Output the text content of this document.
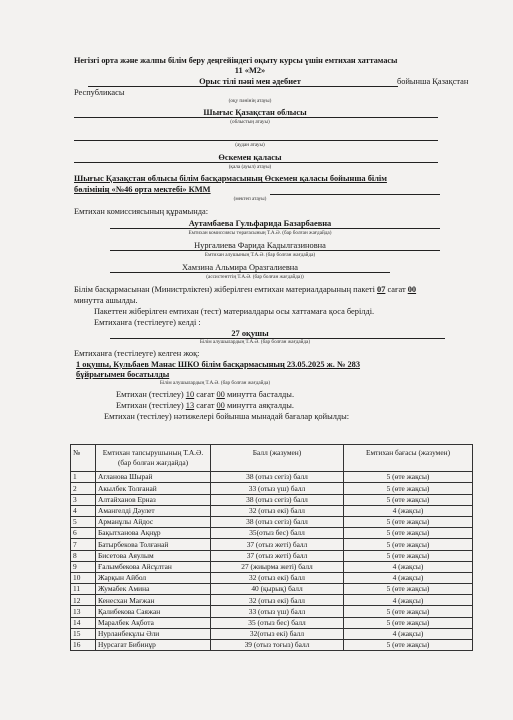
Негізгі орта және жалпы білім беру деңгейіндегі оқыту курсы үшін емтихан хаттамасы
11 «М2»
Орыс тілі пәні мен әдебиет	бойынша Қазақстан
Республикасы
(оқу пәнінің атауы)
Шығыс Қазақстан облысы
(облыстың атауы)
(аудан атауы)
Өскемен қаласы
(қала (ауыл) атауы)
Шығыс Қазақстан облысы білім басқармасының Өскемен қаласы бойынша білім
бөлімінің «№46 орта мектебі» КММ
(мектеп атауы)
Емтихан комиссиясының құрамында:
Аутамбаева Гульфарида Базарбаевна
Емтихан комиссиясы төрағасының Т.А.Ә. (бар болған жағдайда)
Нургалиева Фарида Кадылгазиновна
Емтихан алушының Т.А.Ә. (бар болған жағдайда)
Хамзина Альмира Оразгалиевна
(ассистенттің Т.А.Ә. (бар болған жағдайда))
Білім басқармасынан (Министрліктен) жіберілген емтихан материалдарының пакеті 07 сағат 00
минутта ашылды.
Пакеттен жіберілген емтихан (тест) материалдары осы хаттамаға қоса берілді.
Емтиханға (тестілеуге) келді :
27 оқушы
Білім алушылардың Т.А.Ә. (бар болған жағдайда)
Емтиханға (тестілеуге) келген жоқ:
1 оқушы, Кульбаев Манас ШКО білім басқармасының 23.05.2025 ж. № 283
бұйрығымен босатылды
Білім алушылардың Т.А.Ә. (бар болған жағдайда)
Емтихан (тестілеу) 10 сағат 00 минутта басталды.
Емтихан (тестілеу) 13 сағат 00 минутта аяқталды.
Емтихан (тестілеу) нәтижелері бойынша мынадай бағалар қойылды:
№	Емтихан тапсырушының Т.А.Ә. (бар болған жағдайда)	Балл (жазумен)	Емтихан бағасы (жазумен)
1	Агланова Шырай	38 (отыз сегіз) балл	5 (өте жақсы)
2	Акылбек Толғанай	33 (отыз үш) балл	5 (өте жақсы)
3	Алтайханов Ерназ	38 (отыз сегіз) балл	5 (өте жақсы)
4	Амангелді Дәулет	32 (отыз екі) балл	4 (жақсы)
5	Арманұлы Айдос	38 (отыз сегіз) балл	5 (өте жақсы)
6	Бақытханова Ақнұр	35(отыз бес) балл	5 (өте жақсы)
7	Батырбекова Толғанай	37 (отыз жеті) балл	5 (өте жақсы)
8	Бисетова Аяулым	37 (отыз жеті) балл	5 (өте жақсы)
9	Ғалымбекова Айсұлтан	27 (жиырма жеті) балл	4 (жақсы)
10	Жарқын Айбол	32 (отыз екі) балл	4 (жақсы)
11	Жумабек Амина	40 (қырық) балл	5 (өте жақсы)
12	Кенесхан Мағжан	32 (отыз екі) балл	4 (жақсы)
13	Қалибекова Саяжан	33 (отыз үш) балл	5 (өте жақсы)
14	Маралбек Ақбота	35 (отыз бес) балл	5 (өте жақсы)
15	Нурланбекұлы Әли	32(отыз екі) балл	4 (жақсы)
16	Нурсагат Бибинұр	39 (отыз тоғыз) балл	5 (өте жақсы)
